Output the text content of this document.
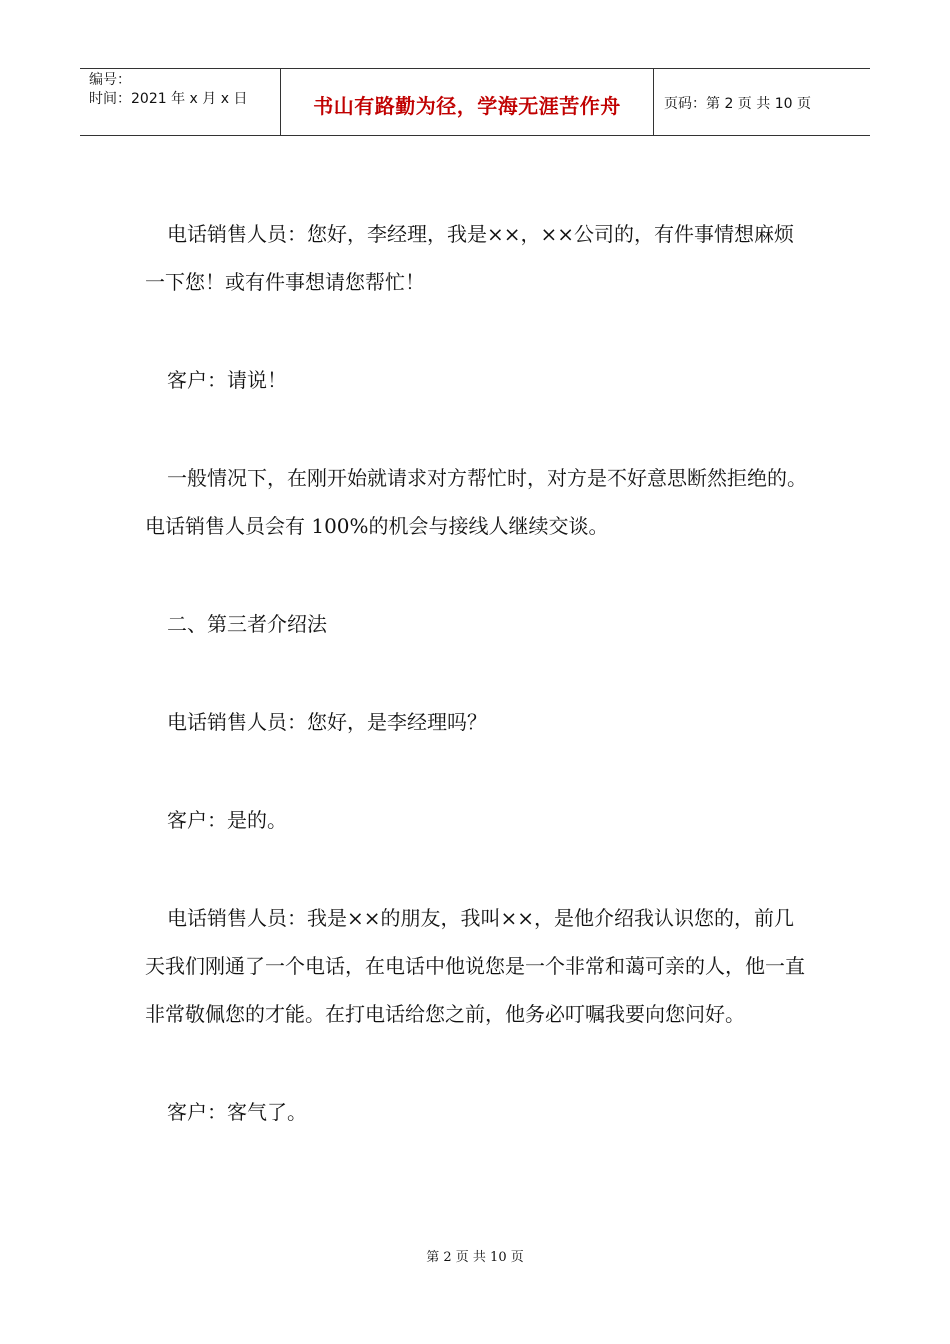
编号：
时间：2021 年 x 月 x 日	书山有路勤为径，学海无涯苦作舟	页码：第 2 页 共 10 页

电话销售人员：您好，李经理，我是××，××公司的，有件事情想麻烦一下您！或有件事想请您帮忙！

客户：请说！

一般情况下，在刚开始就请求对方帮忙时，对方是不好意思断然拒绝的。电话销售人员会有 100%的机会与接线人继续交谈。

二、第三者介绍法

电话销售人员：您好，是李经理吗？

客户：是的。

电话销售人员：我是××的朋友，我叫××，是他介绍我认识您的，前几天我们刚通了一个电话，在电话中他说您是一个非常和蔼可亲的人，他一直非常敬佩您的才能。在打电话给您之前，他务必叮嘱我要向您问好。

客户：客气了。

第 2 页 共 10 页
